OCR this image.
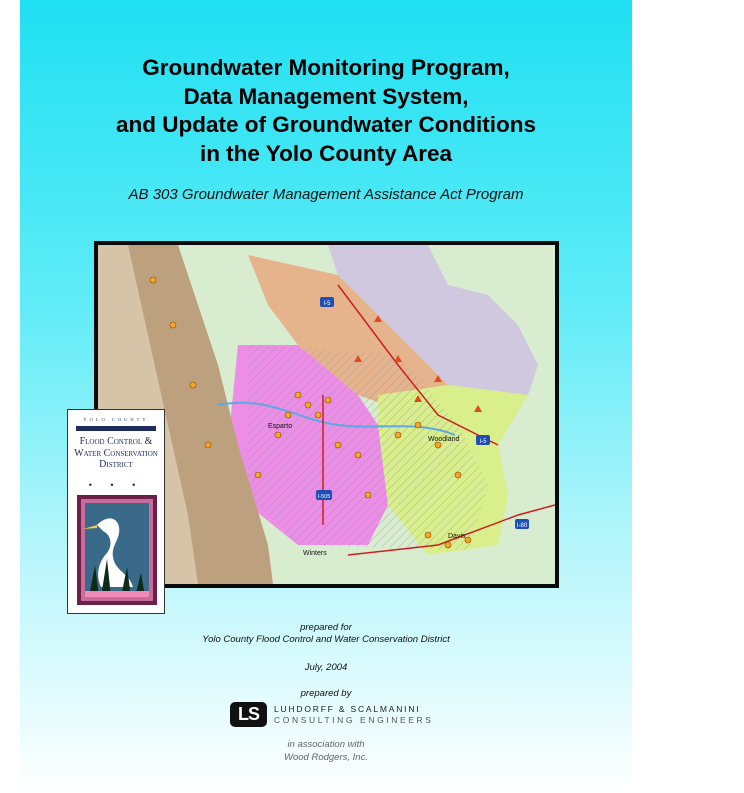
Groundwater Monitoring Program,
Data Management System,
and Update of Groundwater Conditions
in the Yolo County Area
AB 303 Groundwater Management Assistance Act Program
I-5
I-5
I-505
I-80
Woodland
Davis
Winters
Esparto
YOLO COUNTY
Flood Control &
Water Conservation
District
• • •
prepared for
Yolo County Flood Control and Water Conservation District
July, 2004
prepared by
LS	LUHDORFF & SCALMANINI
CONSULTING ENGINEERS
in association with
Wood Rodgers, Inc.
